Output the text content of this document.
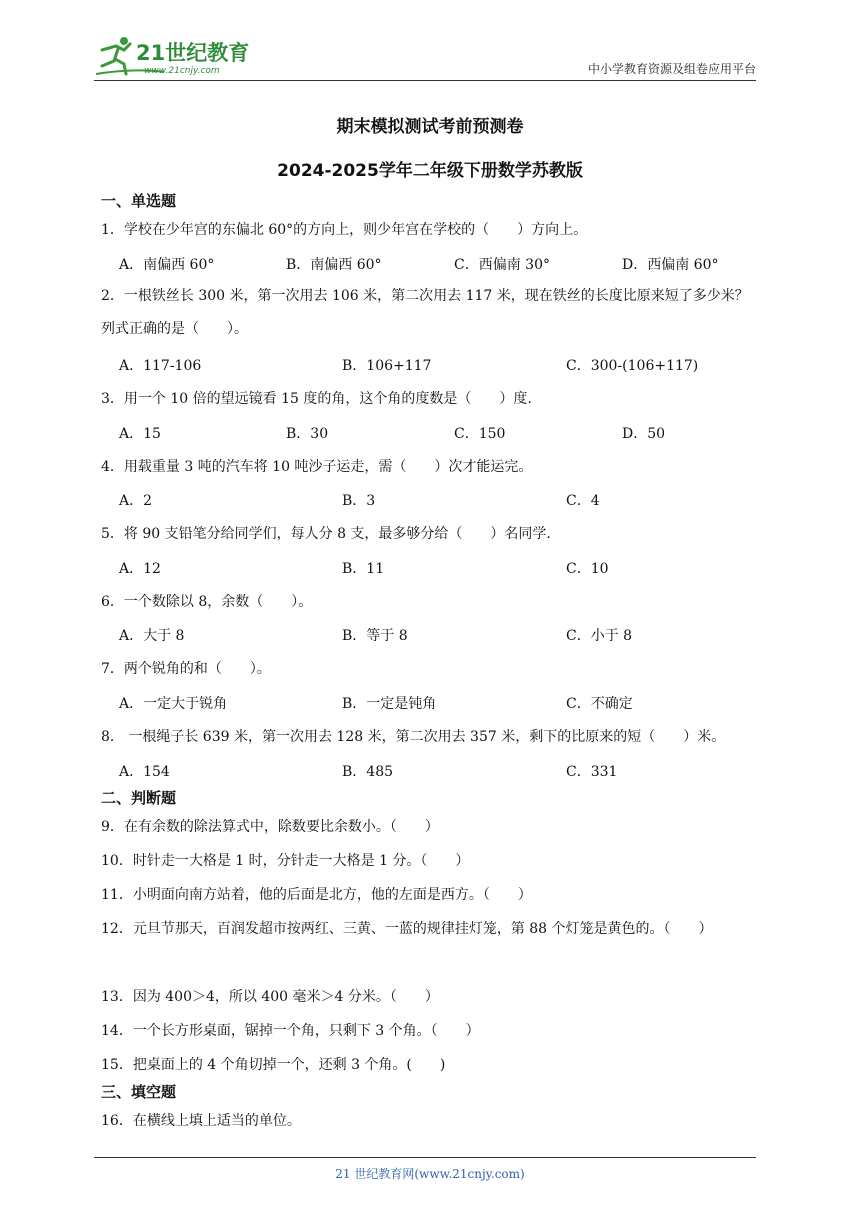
21世纪教育
www.21cnjy.com	中小学教育资源及组卷应用平台
期末模拟测试考前预测卷
2024-2025学年二年级下册数学苏教版
一、单选题
1．学校在少年宫的东偏北 60°的方向上，则少年宫在学校的（　　）方向上。
A．南偏西 60°	B．南偏西 60°	C．西偏南 30°	D．西偏南 60°
2．一根铁丝长 300 米，第一次用去 106 米，第二次用去 117 米，现在铁丝的长度比原来短了多少米？列式正确的是（　　）。
A．117-106	B．106+117	C．300-(106+117)
3．用一个 10 倍的望远镜看 15 度的角，这个角的度数是（　　）度.
A．15	B．30	C．150	D．50
4．用载重量 3 吨的汽车将 10 吨沙子运走，需（　　）次才能运完。
A．2	B．3	C．4
5．将 90 支铅笔分给同学们，每人分 8 支，最多够分给（　　）名同学.
A．12	B．11	C．10
6．一个数除以 8，余数（　　）。
A．大于 8	B．等于 8	C．小于 8
7．两个锐角的和（　　）。
A．一定大于锐角	B．一定是钝角	C．不确定
8． 一根绳子长 639 米，第一次用去 128 米，第二次用去 357 米，剩下的比原来的短（　　）米。
A．154	B．485	C．331
二、判断题
9．在有余数的除法算式中，除数要比余数小。（　　）
10．时针走一大格是 1 时，分针走一大格是 1 分。（　　）
11．小明面向南方站着，他的后面是北方，他的左面是西方。（　　）
12．元旦节那天，百润发超市按两红、三黄、一蓝的规律挂灯笼，第 88 个灯笼是黄色的。（　　）
13．因为 400＞4，所以 400 毫米＞4 分米。（　　）
14．一个长方形桌面，锯掉一个角，只剩下 3 个角。（　　）
15．把桌面上的 4 个角切掉一个，还剩 3 个角。(　　)
三、填空题
16．在横线上填上适当的单位。
21 世纪教育网(www.21cnjy.com)
